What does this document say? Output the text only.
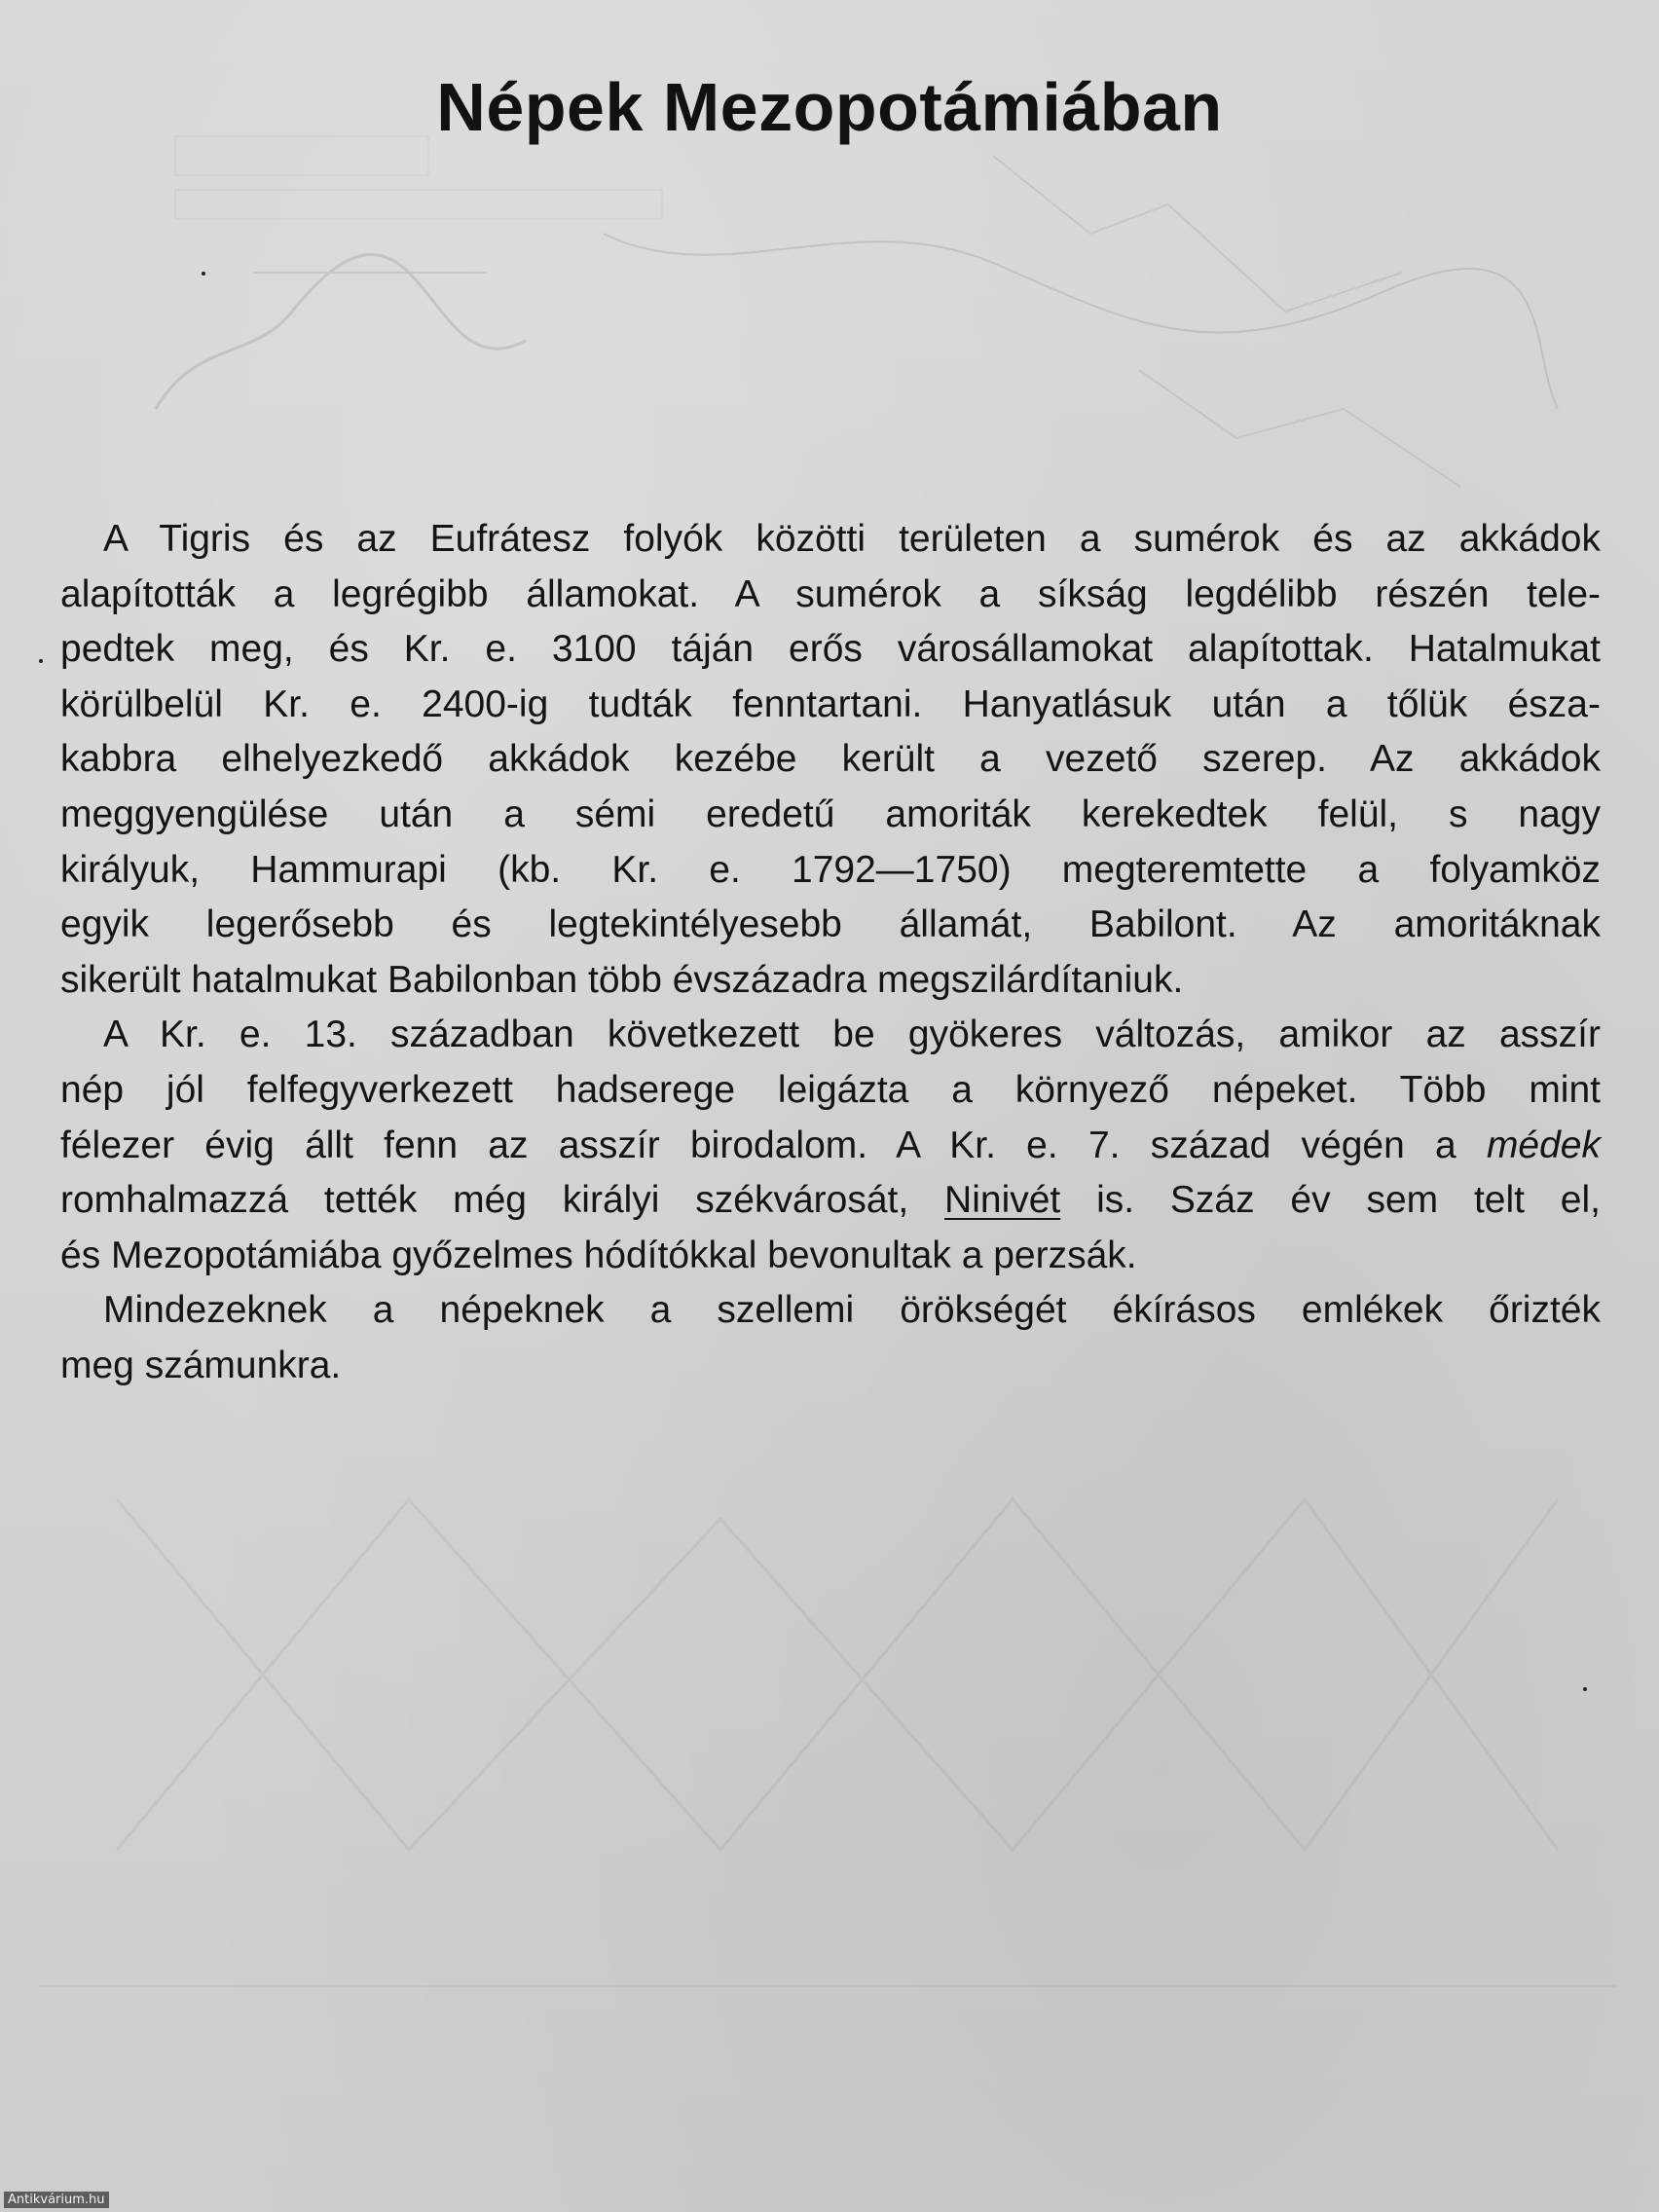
Népek Mezopotámiában
A Tigris és az Eufrátesz folyók közötti területen a sumérok és az akkádok
alapították a legrégibb államokat. A sumérok a síkság legdélibb részén tele-
pedtek meg, és Kr. e. 3100 táján erős városállamokat alapítottak. Hatalmukat
körülbelül Kr. e. 2400-ig tudták fenntartani. Hanyatlásuk után a tőlük észa-
kabbra elhelyezkedő akkádok kezébe került a vezető szerep. Az akkádok
meggyengülése után a sémi eredetű amoriták kerekedtek felül, s nagy
királyuk, Hammurapi (kb. Kr. e. 1792—1750) megteremtette a folyamköz
egyik legerősebb és legtekintélyesebb államát, Babilont. Az amoritáknak
sikerült hatalmukat Babilonban több évszázadra megszilárdítaniuk.
A Kr. e. 13. században következett be gyökeres változás, amikor az asszír
nép jól felfegyverkezett hadserege leigázta a környező népeket. Több mint
félezer évig állt fenn az asszír birodalom. A Kr. e. 7. század végén a médek
romhalmazzá tették még királyi székvárosát, Ninivét is. Száz év sem telt el,
és Mezopotámiába győzelmes hódítókkal bevonultak a perzsák.
Mindezeknek a népeknek a szellemi örökségét ékírásos emlékek őrizték
meg számunkra.
Antikvárium.hu
